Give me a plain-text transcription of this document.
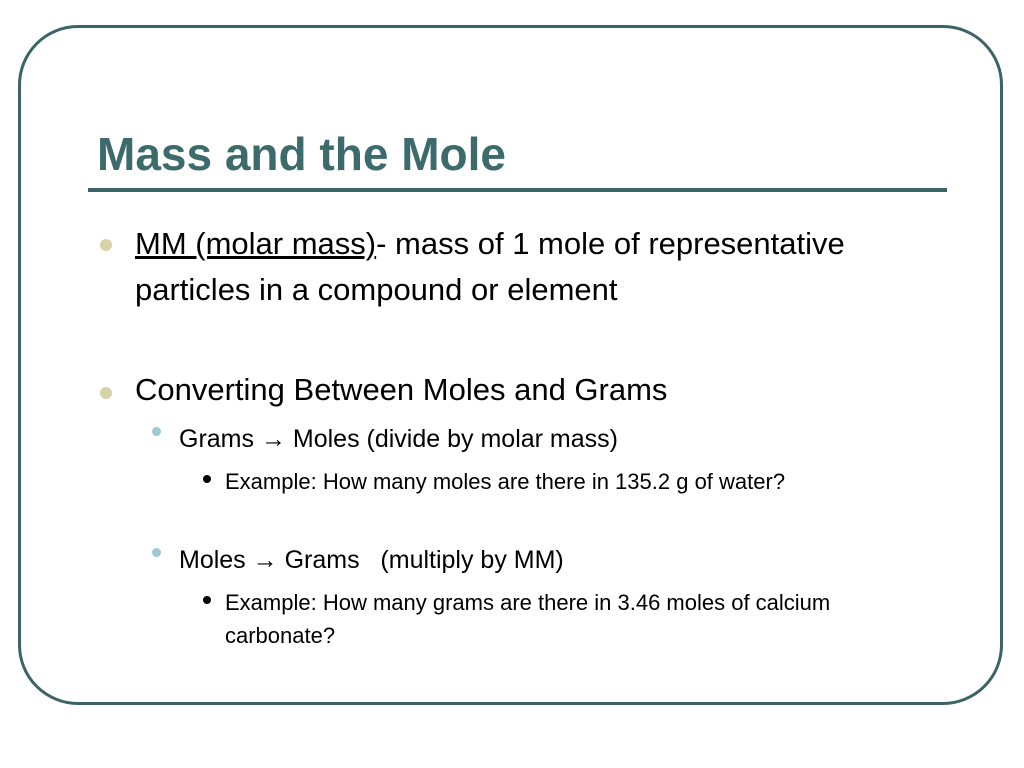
Mass and the Mole
MM (molar mass)- mass of 1 mole of representative particles in a compound or element
Converting Between Moles and Grams
Grams → Moles (divide by molar mass)
Example: How many moles are there in 135.2 g of water?
Moles → Grams   (multiply by MM)
Example: How many grams are there in 3.46 moles of calcium carbonate?
